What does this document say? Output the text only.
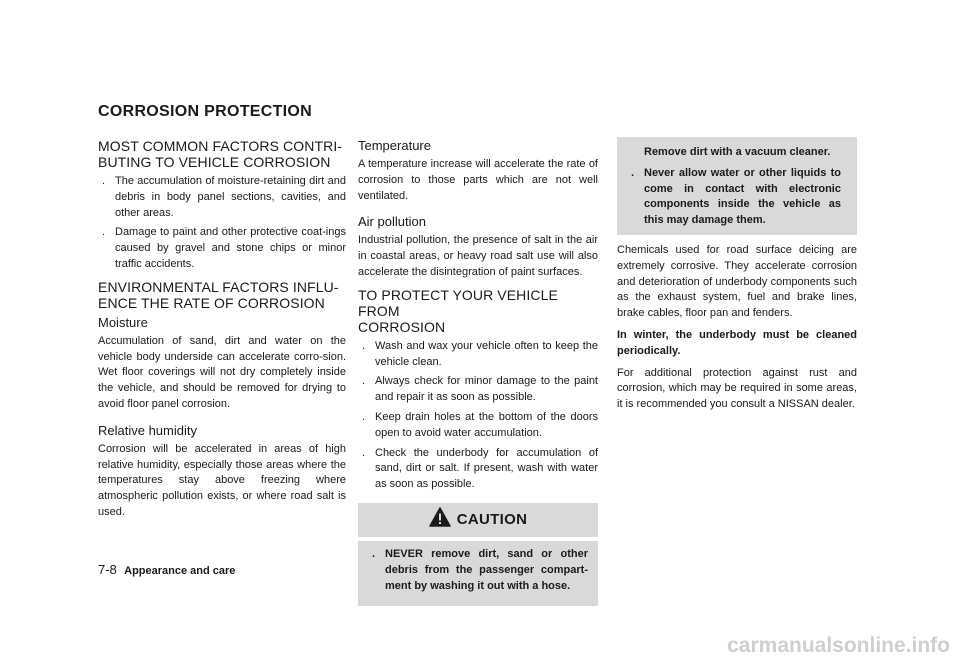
CORROSION PROTECTION
MOST COMMON FACTORS CONTRI-
BUTING TO VEHICLE CORROSION
. The accumulation of moisture-retaining dirt and debris in body panel sections, cavities, and other areas.
. Damage to paint and other protective coat-ings caused by gravel and stone chips or minor traffic accidents.
ENVIRONMENTAL FACTORS INFLU-
ENCE THE RATE OF CORROSION
Moisture

Accumulation of sand, dirt and water on the vehicle body underside can accelerate corro-sion. Wet floor coverings will not dry completely inside the vehicle, and should be removed for drying to avoid floor panel corrosion.

Relative humidity

Corrosion will be accelerated in areas of high relative humidity, especially those areas where the temperatures stay above freezing where atmospheric pollution exists, or where road salt is used.

Temperature

A temperature increase will accelerate the rate of corrosion to those parts which are not well ventilated.

Air pollution

Industrial pollution, the presence of salt in the air in coastal areas, or heavy road salt use will also accelerate the disintegration of paint surfaces.

TO PROTECT YOUR VEHICLE FROM
CORROSION
. Wash and wax your vehicle often to keep the vehicle clean.
. Always check for minor damage to the paint and repair it as soon as possible.
. Keep drain holes at the bottom of the doors open to avoid water accumulation.
. Check the underbody for accumulation of sand, dirt or salt. If present, wash with water as soon as possible.
CAUTION
. NEVER remove dirt, sand or other debris from the passenger compart-ment by washing it out with a hose.
Remove dirt with a vacuum cleaner.
. Never allow water or other liquids to come in contact with electronic components inside the vehicle as this may damage them.

Chemicals used for road surface deicing are extremely corrosive. They accelerate corrosion and deterioration of underbody components such as the exhaust system, fuel and brake lines, brake cables, floor pan and fenders.

In winter, the underbody must be cleaned periodically.

For additional protection against rust and corrosion, which may be required in some areas, it is recommended you consult a NISSAN dealer.

7-8 Appearance and care
carmanualsonline.info
